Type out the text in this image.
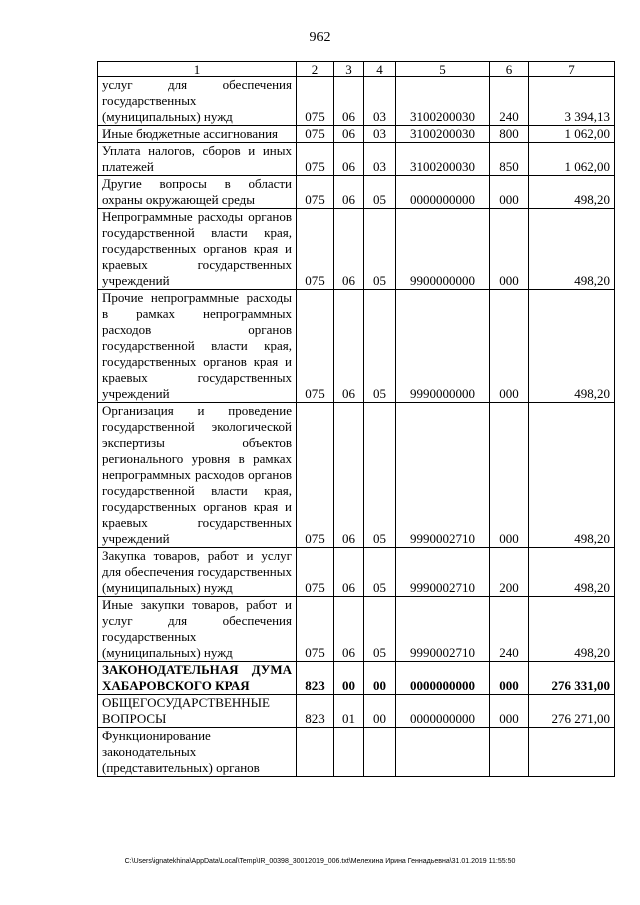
962
1	2	3	4	5	6	7
услуг для обеспечения государственных (муниципальных) нужд	075	06	03	3100200030	240	3 394,13
Иные бюджетные ассигнования	075	06	03	3100200030	800	1 062,00
Уплата налогов, сборов и иных платежей	075	06	03	3100200030	850	1 062,00
Другие вопросы в области охраны окружающей среды	075	06	05	0000000000	000	498,20
Непрограммные расходы органов государственной власти края, государственных органов края и краевых государственных учреждений	075	06	05	9900000000	000	498,20
Прочие непрограммные расходы в рамках непрограммных расходов органов государственной власти края, государственных органов края и краевых государственных учреждений	075	06	05	9990000000	000	498,20
Организация и проведение государственной экологической экспертизы объектов регионального уровня в рамках непрограммных расходов органов государственной власти края, государственных органов края и краевых государственных учреждений	075	06	05	9990002710	000	498,20
Закупка товаров, работ и услуг для обеспечения государственных (муниципальных) нужд	075	06	05	9990002710	200	498,20
Иные закупки товаров, работ и услуг для обеспечения государственных (муниципальных) нужд	075	06	05	9990002710	240	498,20
ЗАКОНОДАТЕЛЬНАЯ ДУМА ХАБАРОВСКОГО КРАЯ	823	00	00	0000000000	000	276 331,00
ОБЩЕГОСУДАРСТВЕННЫЕ ВОПРОСЫ	823	01	00	0000000000	000	276 271,00
Функционирование законодательных (представительных) органов						
C:\Users\ignatekhina\AppData\Local\Temp\IR_00398_30012019_006.txt\Мелехина Ирина Геннадьевна\31.01.2019 11:55:50
